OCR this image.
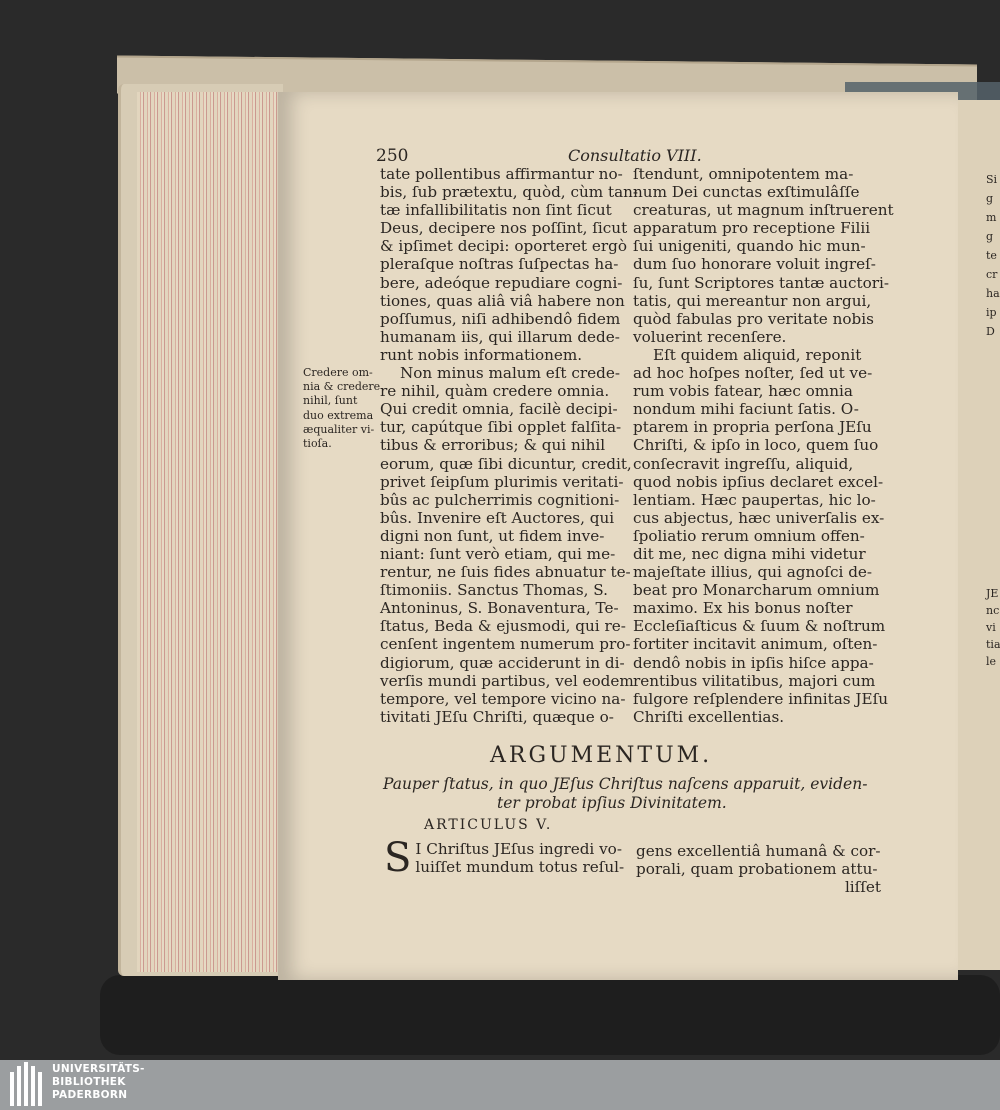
250	Consultatio VIII.
tate pollentibus affirmantur no-
bis, ſub prætextu, quòd, cùm tan-
tæ infallibilitatis non ſint ſicut
Deus, decipere nos poſſint, ſicut
& ipſimet decipi: oporteret ergò
pleraſque noſtras ſuſpectas ha-
bere, adeóque repudiare cogni-
tiones, quas aliâ viâ habere non
poſſumus, niſi adhibendô fidem
humanam iis, qui illarum dede-
runt nobis informationem.
Non minus malum eſt crede-
re nihil, quàm credere omnia.
Qui credit omnia, facilè decipi-
tur, capútque ſibi opplet falſita-
tibus & erroribus; & qui nihil
eorum, quæ ſibi dicuntur, credit,
privet ſeipſum plurimis veritati-
bûs ac pulcherrimis cognitioni-
bûs. Invenire eſt Auctores, qui
digni non ſunt, ut fidem inve-
niant: ſunt verò etiam, qui me-
rentur, ne ſuis fides abnuatur te-
ſtimoniis. Sanctus Thomas, S.
Antoninus, S. Bonaventura, Te-
ſtatus, Beda & ejusmodi, qui re-
cenſent ingentem numerum pro-
digiorum, quæ acciderunt in di-
verſis mundi partibus, vel eodem
tempore, vel tempore vicino na-
tivitati JEſu Chriſti, quæque o-
ſtendunt, omnipotentem ma-
num Dei cunctas exſtimulâſſe
creaturas, ut magnum inſtruerent
apparatum pro receptione Filii
ſui unigeniti, quando hic mun-
dum ſuo honorare voluit ingreſ-
ſu, ſunt Scriptores tantæ auctori-
tatis, qui mereantur non argui,
quòd fabulas pro veritate nobis
voluerint recenſere.
Eſt quidem aliquid, reponit
ad hoc hoſpes noſter, ſed ut ve-
rum vobis fatear, hæc omnia
nondum mihi faciunt ſatis. O-
ptarem in propria perſona JEſu
Chriſti, & ipſo in loco, quem ſuo
conſecravit ingreſſu, aliquid,
quod nobis ipſius declaret excel-
lentiam. Hæc paupertas, hic lo-
cus abjectus, hæc univerſalis ex-
ſpoliatio rerum omnium offen-
dit me, nec digna mihi videtur
majeſtate illius, qui agnoſci de-
beat pro Monarcharum omnium
maximo. Ex his bonus noſter
Eccleſiaſticus & ſuum & noſtrum
fortiter incitavit animum, oſten-
dendô nobis in ipſis hiſce appa-
rentibus vilitatibus, majori cum
fulgore reſplendere infinitas JEſu
Chriſti excellentias.
Credere om-
nia & credere
nihil, ſunt
duo extrema
æqualiter vi-
tioſa.
ARGUMENTUM.
Pauper ſtatus, in quo JEſus Chriſtus naſcens apparuit, eviden-
ter probat ipſius Divinitatem.
ARTICULUS V.
S I Chriſtus JEſus ingredi vo-
luiſſet mundum totus reſul-
gens excellentiâ humanâ & cor-
porali, quam probationem attu-
liſſet
Si
g
m
g
te
cr
ha
ip
D
JE
nc
vi
tia
le
UNIVERSITÄTS-
BIBLIOTHEK
PADERBORN
